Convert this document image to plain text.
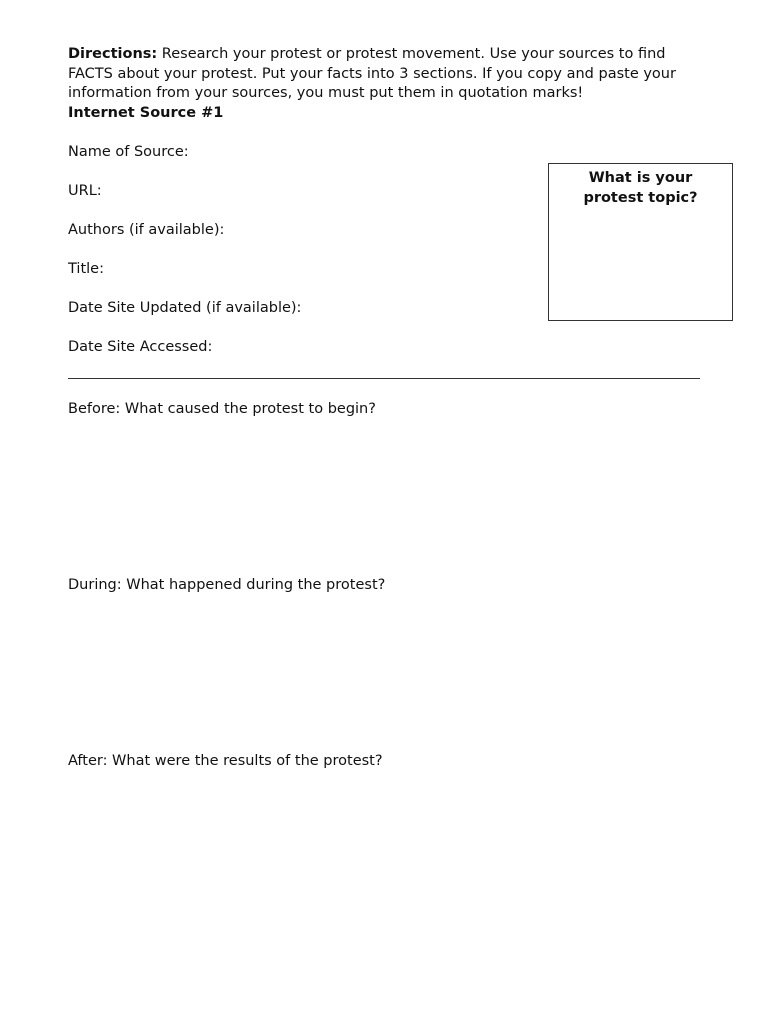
Directions: Research your protest or protest movement. Use your sources to find FACTS about your protest. Put your facts into 3 sections. If you copy and paste your information from your sources, you must put them in quotation marks!
Internet Source #1
Name of Source:
URL:
Authors (if available):
Title:
Date Site Updated (if available):
Date Site Accessed:
What is your
protest topic?
Before: What caused the protest to begin?
During: What happened during the protest?
After: What were the results of the protest?
